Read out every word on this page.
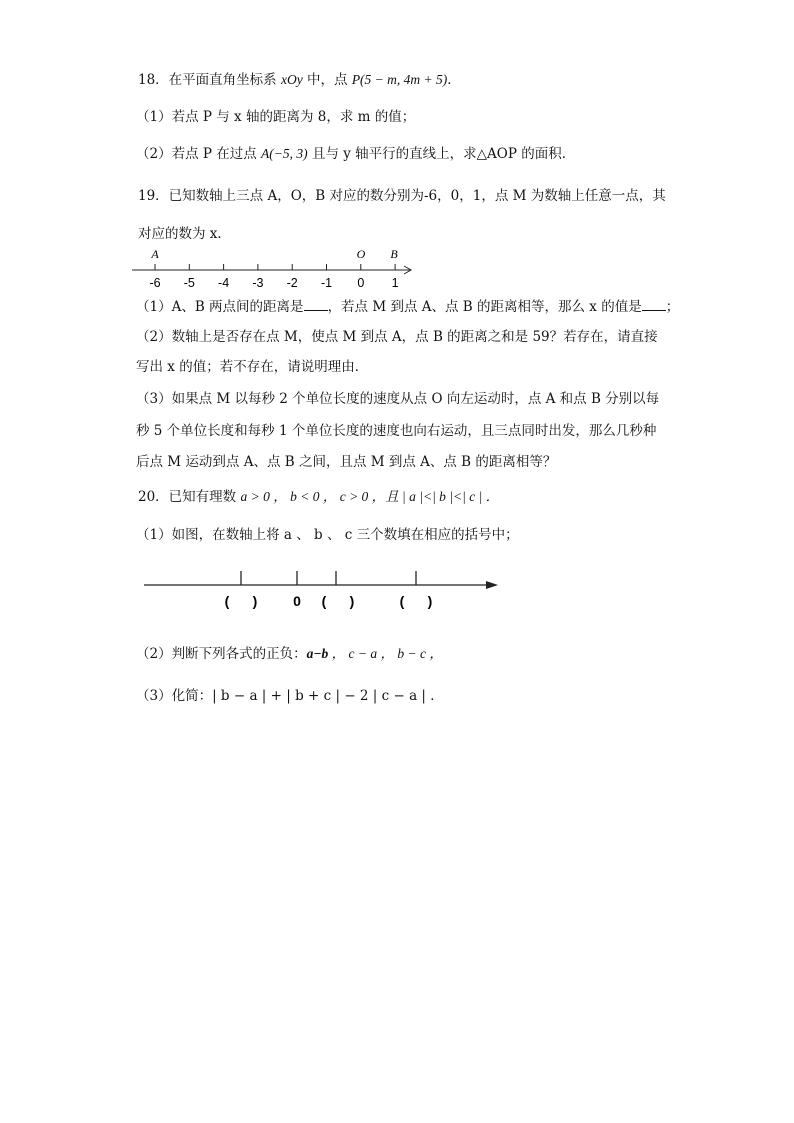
18．在平面直角坐标系 xOy 中，点 P(5 − m, 4m + 5)．

（1）若点 P 与 x 轴的距离为 8，求 m 的值；

（2）若点 P 在过点 A(−5, 3) 且与 y 轴平行的直线上，求△AOP 的面积．

19．已知数轴上三点 A，O，B 对应的数分别为-6，0，1，点 M 为数轴上任意一点，其

对应的数为 x．

-6 -5 -4 -3 -2 -1 0 1
A	O B

（1）A、B 两点间的距离是 ，若点 M 到点 A、点 B 的距离相等，那么 x 的值是 ；

（2）数轴上是否存在点 M，使点 M 到点 A，点 B 的距离之和是 59？若存在，请直接

写出 x 的值；若不存在，请说明理由．

（3）如果点 M 以每秒 2 个单位长度的速度从点 O 向左运动时，点 A 和点 B 分别以每

秒 5 个单位长度和每秒 1 个单位长度的速度也向右运动，且三点同时出发，那么几秒种

后点 M 运动到点 A、点 B 之间，且点 M 到点 A、点 B 的距离相等？

20．已知有理数 a > 0 ， b < 0 ， c > 0 ，且 | a |<| b |<| c | ．

（1）如图，在数轴上将 a 、 b 、 c 三个数填在相应的括号中；

(      )	0 (      )	(      )

（2）判断下列各式的正负：a−b ， c − a ， b − c ，

（3）化简：| b − a | + | b + c | − 2 | c − a | ．
